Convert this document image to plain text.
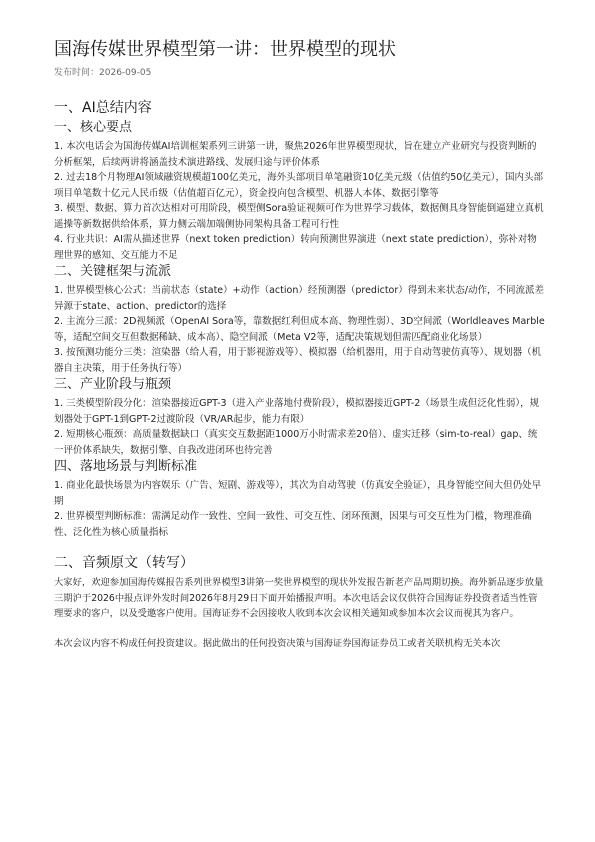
国海传媒世界模型第一讲：世界模型的现状
发布时间：2026-09-05
一、AI总结内容
一、核心要点

1. 本次电话会为国海传媒AI培训框架系列三讲第一讲，聚焦2026年世界模型现状，旨在建立产业研究与投资判断的分析框架，后续两讲将涵盖技术演进路线、发展归途与评价体系

2. 过去18个月物理AI领域融资规模超100亿美元，海外头部项目单笔融资10亿美元级（估值约50亿美元），国内头部项目单笔数十亿元人民币级（估值超百亿元），资金投向包含模型、机器人本体、数据引擎等

3. 模型、数据、算力首次达相对可用阶段，模型侧Sora验证视频可作为世界学习载体，数据侧具身智能倒逼建立真机遥操等新数据供给体系，算力侧云端加端侧协同架构具备工程可行性

4. 行业共识：AI需从描述世界（next token prediction）转向预测世界演进（next state prediction），弥补对物理世界的感知、交互能力不足

二、关键框架与流派

1. 世界模型核心公式：当前状态（state）+动作（action）经预测器（predictor）得到未来状态/动作，不同流派差异源于state、action、predictor的选择

2. 主流分三派：2D视频派（OpenAI Sora等，靠数据红利但成本高、物理性弱）、3D空间派（Worldleaves Marble等，适配空间交互但数据稀缺、成本高）、隐空间派（Meta V2等，适配决策规划但需匹配商业化场景）

3. 按预测功能分三类：渲染器（给人看，用于影视游戏等）、模拟器（给机器用，用于自动驾驶仿真等）、规划器（机器自主决策，用于任务执行等）

三、产业阶段与瓶颈

1. 三类模型阶段分化：渲染器接近GPT-3（进入产业落地付费阶段），模拟器接近GPT-2（场景生成但泛化性弱），规划器处于GPT-1到GPT-2过渡阶段（VR/AR起步，能力有限）

2. 短期核心瓶颈：高质量数据缺口（真实交互数据距1000万小时需求差20倍）、虚实迁移（sim-to-real）gap、统一评价体系缺失，数据引擎、自我改进闭环也待完善

四、落地场景与判断标准

1. 商业化最快场景为内容娱乐（广告、短剧、游戏等），其次为自动驾驶（仿真安全验证），具身智能空间大但仍处早期

2. 世界模型判断标准：需满足动作一致性、空间一致性、可交互性、闭环预测，因果与可交互性为门槛，物理准确性、泛化性为核心质量指标

二、音频原文（转写）

大家好，欢迎参加国海传媒报告系列世界模型3讲第一奖世界模型的现状外发报告新老产品周期切换。海外新品逐步放量三期沪于2026中报点评外发时间2026年8月29日下面开始播报声明。本次电话会议仅供符合国海证券投资者适当性管理要求的客户，以及受邀客户使用。国海证券不会因接收人收到本次会议相关通知或参加本次会议而视其为客户。

本次会议内容不构成任何投资建议。据此做出的任何投资决策与国海证券国海证券员工或者关联机构无关本次
